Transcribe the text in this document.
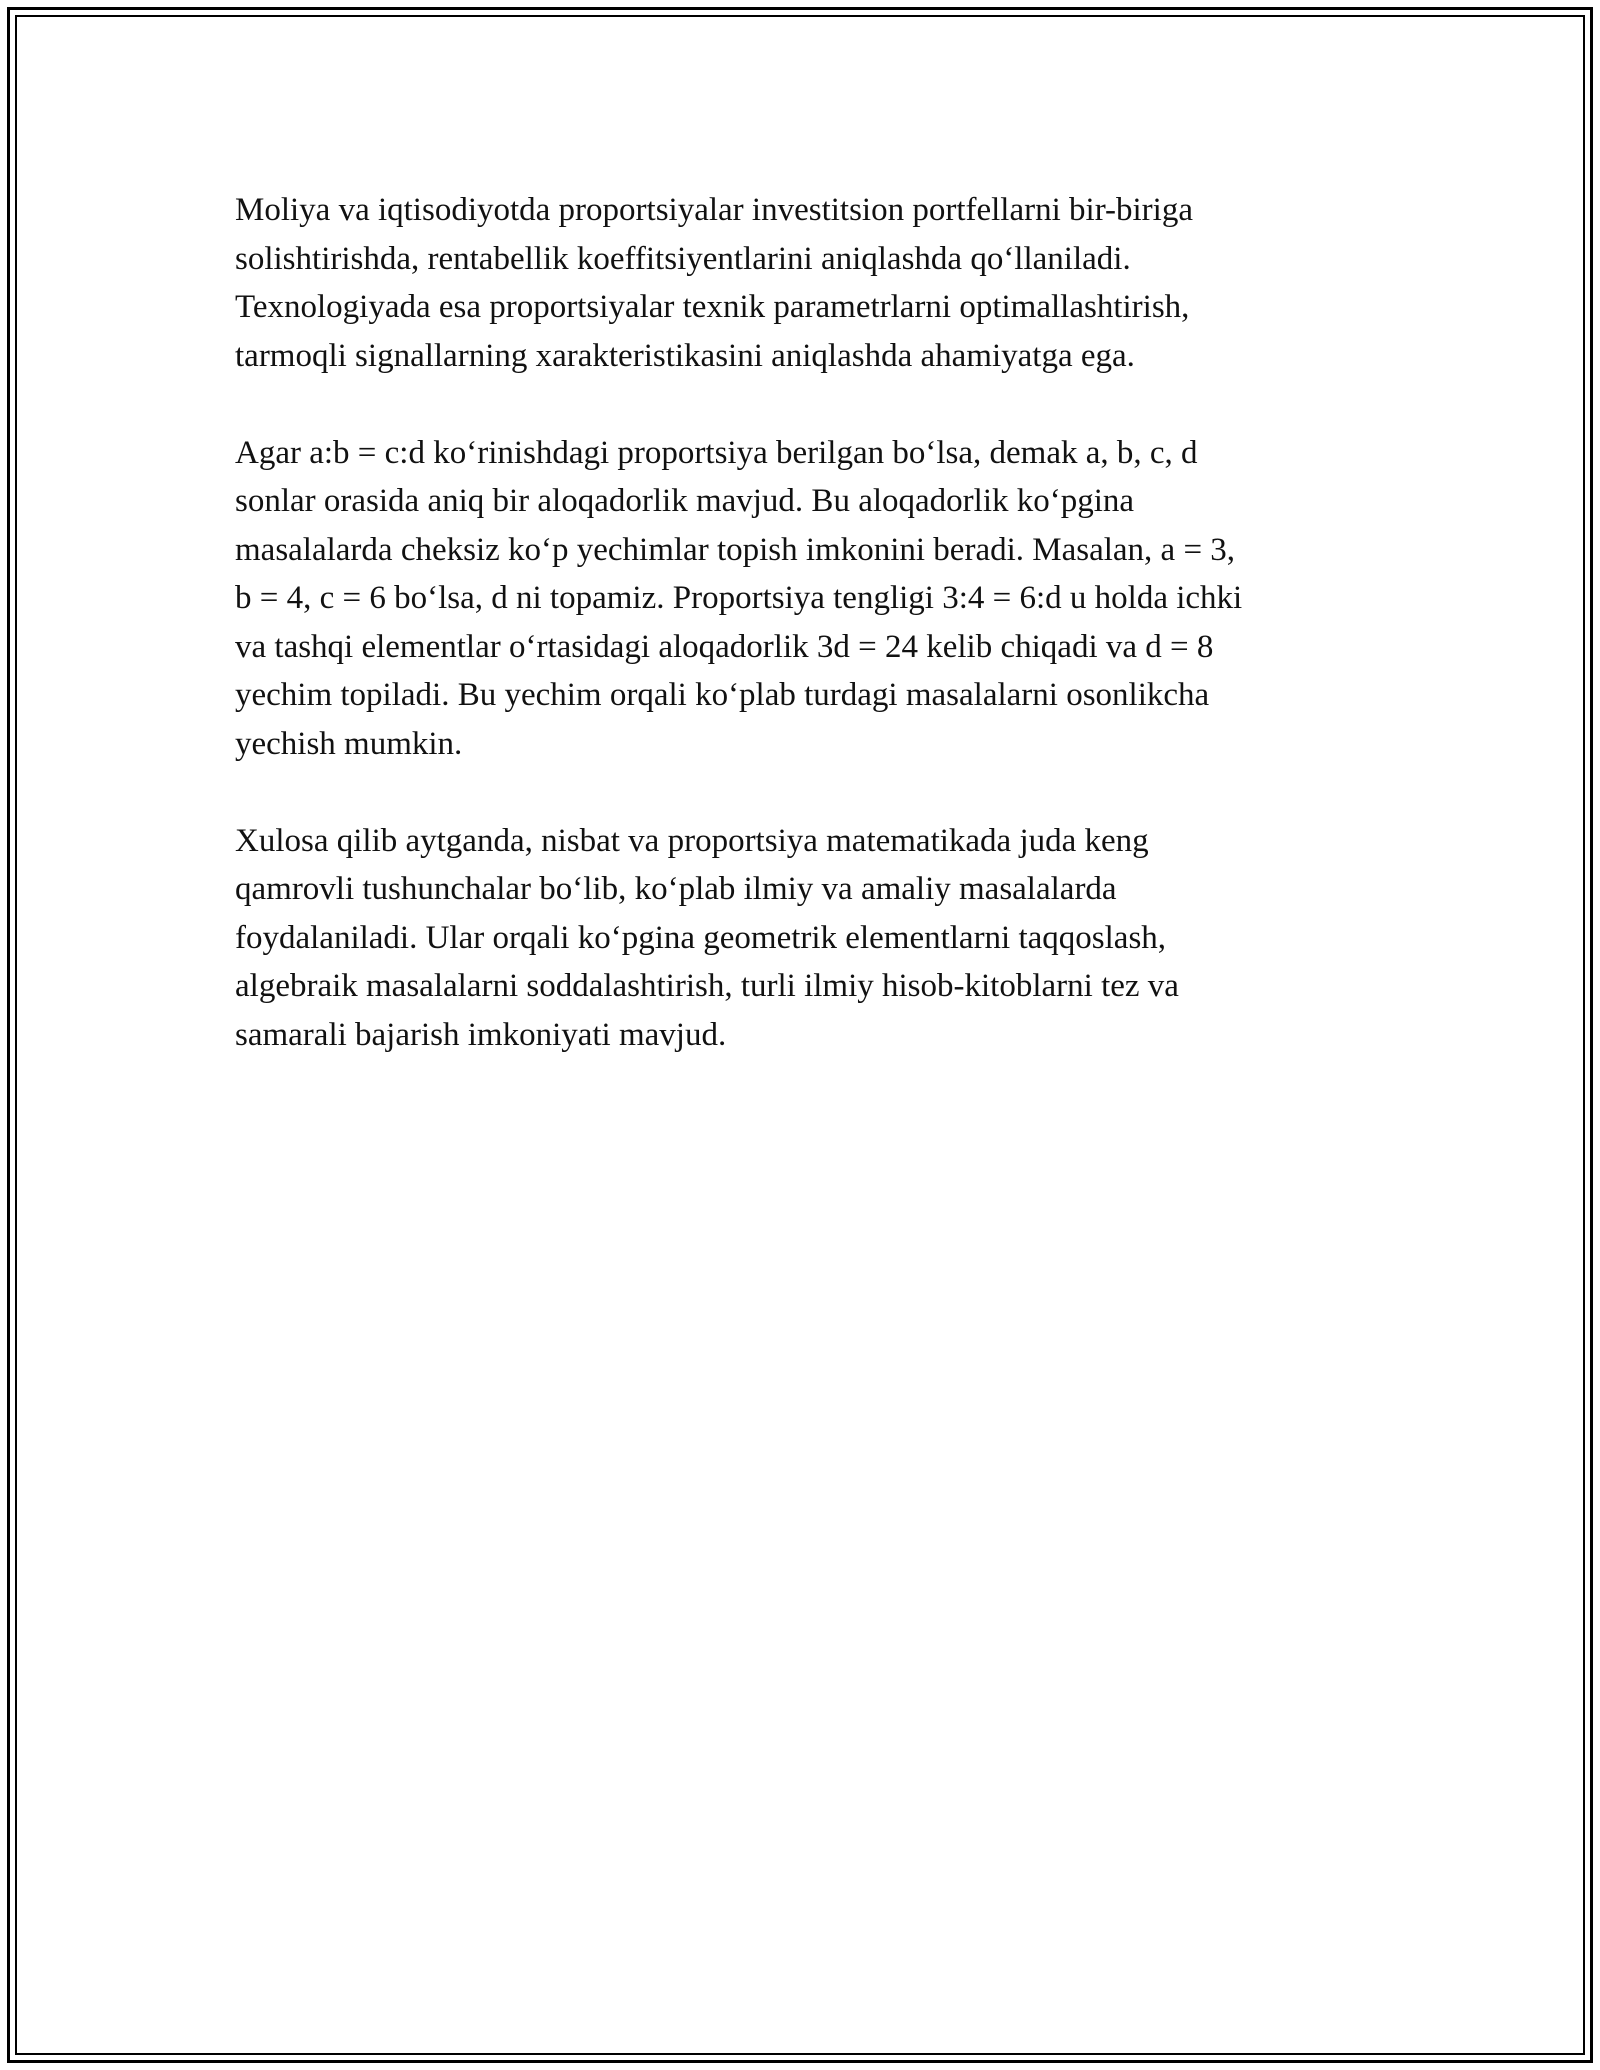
Moliya va iqtisodiyotda proportsiyalar investitsion portfellarni bir-biriga
solishtirishda, rentabellik koeffitsiyentlarini aniqlashda qo‘llaniladi.
Texnologiyada esa proportsiyalar texnik parametrlarni optimallashtirish,
tarmoqli signallarning xarakteristikasini aniqlashda ahamiyatga ega.

Agar a:b = c:d ko‘rinishdagi proportsiya berilgan bo‘lsa, demak a, b, c, d
sonlar orasida aniq bir aloqadorlik mavjud. Bu aloqadorlik ko‘pgina
masalalarda cheksiz ko‘p yechimlar topish imkonini beradi. Masalan, a = 3,
b = 4, c = 6 bo‘lsa, d ni topamiz. Proportsiya tengligi 3:4 = 6:d u holda ichki
va tashqi elementlar o‘rtasidagi aloqadorlik 3d = 24 kelib chiqadi va d = 8
yechim topiladi. Bu yechim orqali ko‘plab turdagi masalalarni osonlikcha
yechish mumkin.

Xulosa qilib aytganda, nisbat va proportsiya matematikada juda keng
qamrovli tushunchalar bo‘lib, ko‘plab ilmiy va amaliy masalalarda
foydalaniladi. Ular orqali ko‘pgina geometrik elementlarni taqqoslash,
algebraik masalalarni soddalashtirish, turli ilmiy hisob-kitoblarni tez va
samarali bajarish imkoniyati mavjud.
